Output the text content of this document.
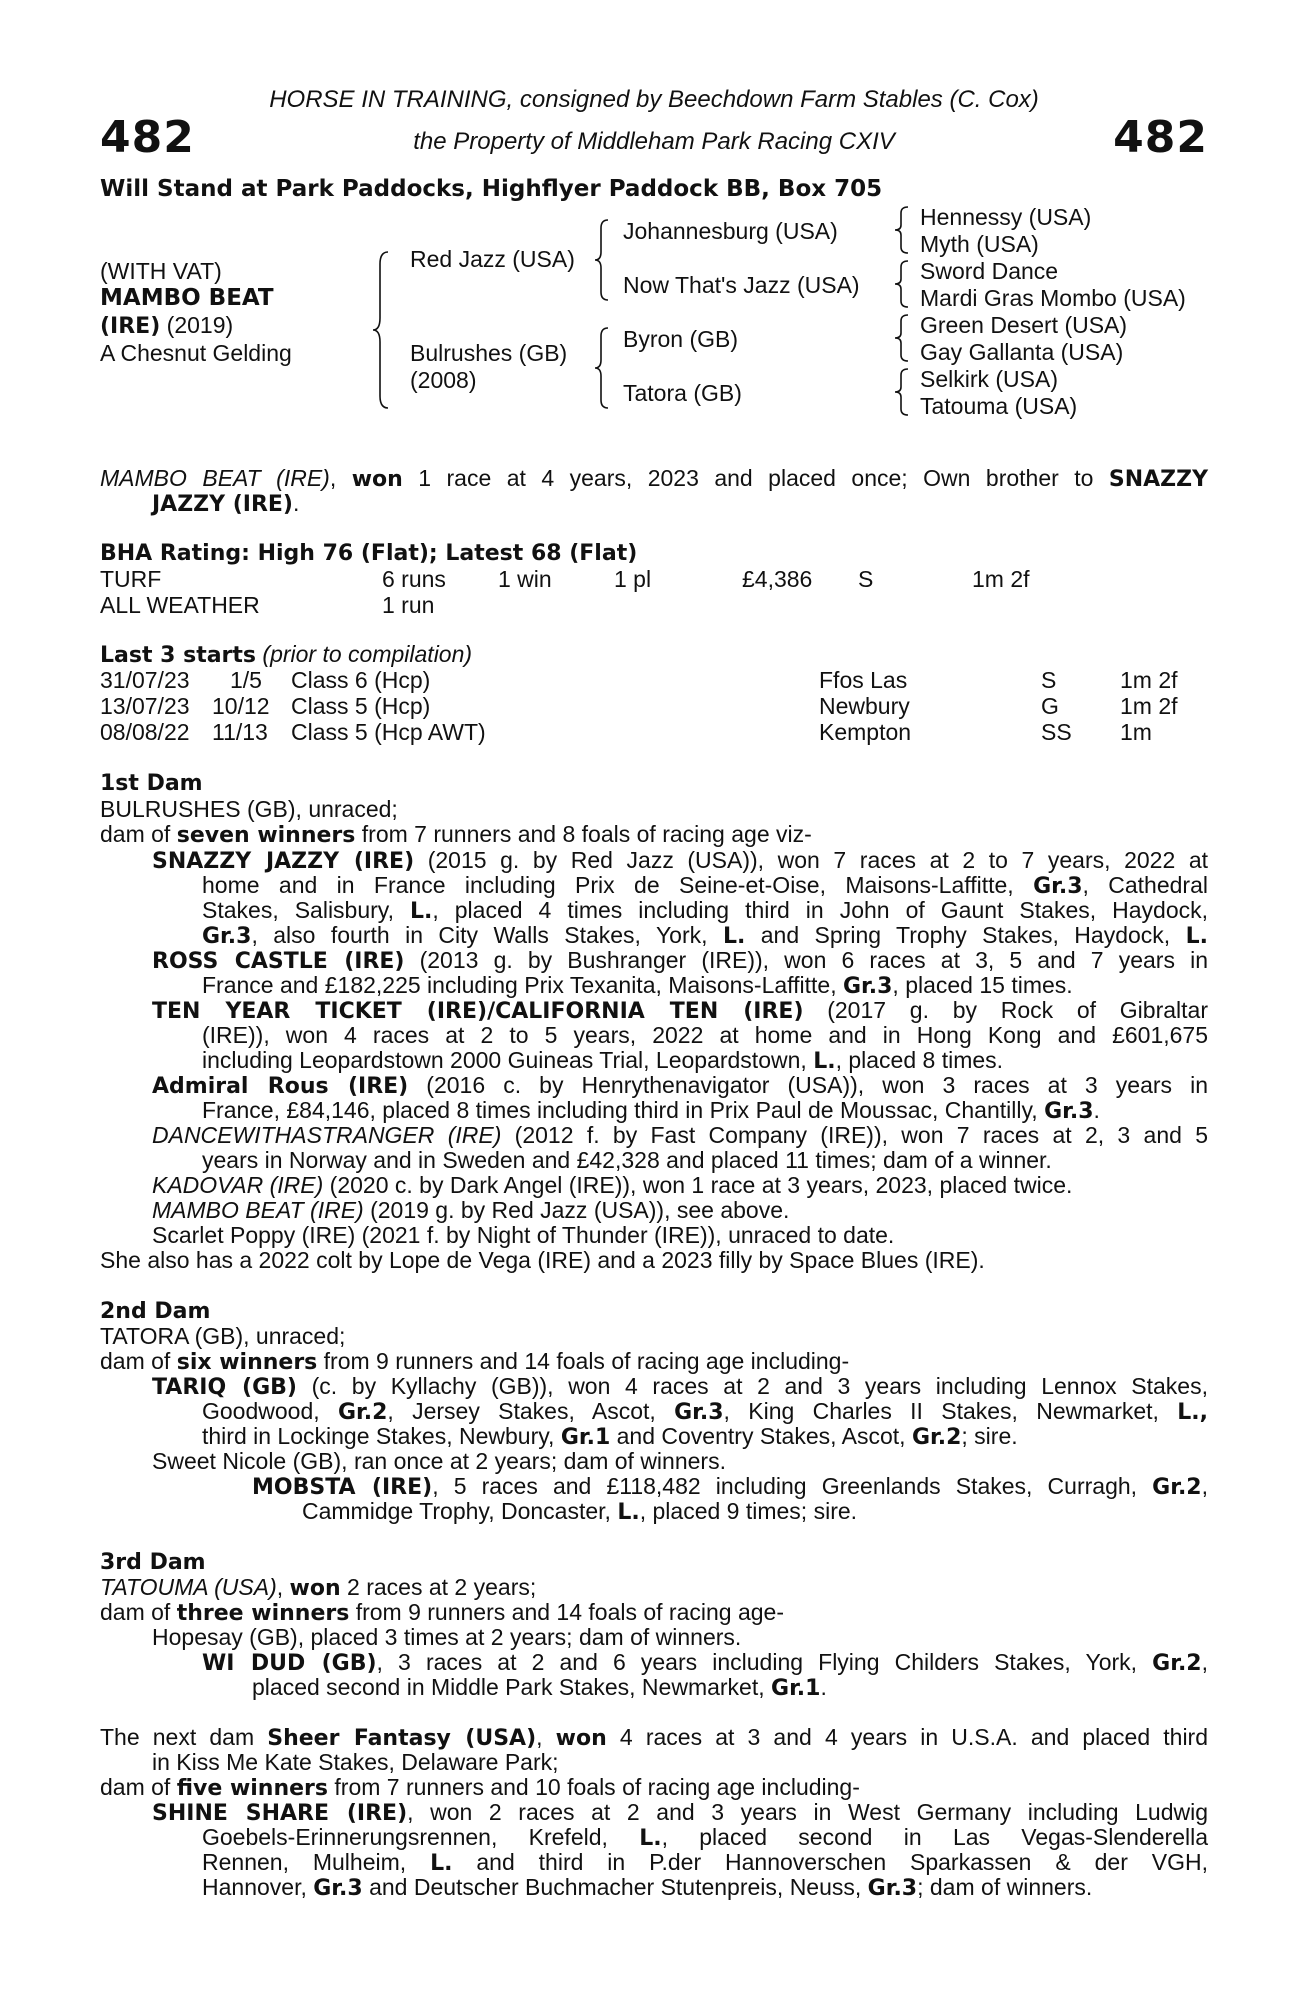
HORSE IN TRAINING, consigned by Beechdown Farm Stables (C. Cox)
482	the Property of Middleham Park Racing CXIV	482
Will Stand at Park Paddocks, Highflyer Paddock BB, Box 705
(WITH VAT)
MAMBO BEAT
(IRE) (2019)
A Chesnut Gelding
Red Jazz (USA)
Bulrushes (GB)
(2008)
Johannesburg (USA)
Now That's Jazz (USA)
Byron (GB)
Tatora (GB)
Hennessy (USA)
Myth (USA)
Sword Dance
Mardi Gras Mombo (USA)
Green Desert (USA)
Gay Gallanta (USA)
Selkirk (USA)
Tatouma (USA)
MAMBO BEAT (IRE), won 1 race at 4 years, 2023 and placed once; Own brother to SNAZZY
JAZZY (IRE).
BHA Rating: High 76 (Flat); Latest 68 (Flat)
TURF	6 runs 1 win	1 pl	£4,386 S	1m 2f
ALL WEATHER	1 run
Last 3 starts (prior to compilation)
31/07/23 1/5 Class 6 (Hcp)	Ffos Las	S	1m 2f
13/07/23 10/12 Class 5 (Hcp)	Newbury	G	1m 2f
08/08/22 11/13 Class 5 (Hcp AWT)	Kempton	SS 1m
1st Dam
BULRUSHES (GB), unraced;
dam of seven winners from 7 runners and 8 foals of racing age viz-
SNAZZY JAZZY (IRE) (2015 g. by Red Jazz (USA)), won 7 races at 2 to 7 years, 2022 at
home and in France including Prix de Seine-et-Oise, Maisons-Laffitte, Gr.3, Cathedral
Stakes, Salisbury, L., placed 4 times including third in John of Gaunt Stakes, Haydock,
Gr.3, also fourth in City Walls Stakes, York, L. and Spring Trophy Stakes, Haydock, L.
ROSS CASTLE (IRE) (2013 g. by Bushranger (IRE)), won 6 races at 3, 5 and 7 years in
France and £182,225 including Prix Texanita, Maisons-Laffitte, Gr.3, placed 15 times.
TEN YEAR TICKET (IRE)/CALIFORNIA TEN (IRE) (2017 g. by Rock of Gibraltar
(IRE)), won 4 races at 2 to 5 years, 2022 at home and in Hong Kong and £601,675
including Leopardstown 2000 Guineas Trial, Leopardstown, L., placed 8 times.
Admiral Rous (IRE) (2016 c. by Henrythenavigator (USA)), won 3 races at 3 years in
France, £84,146, placed 8 times including third in Prix Paul de Moussac, Chantilly, Gr.3.
DANCEWITHASTRANGER (IRE) (2012 f. by Fast Company (IRE)), won 7 races at 2, 3 and 5
years in Norway and in Sweden and £42,328 and placed 11 times; dam of a winner.
KADOVAR (IRE) (2020 c. by Dark Angel (IRE)), won 1 race at 3 years, 2023, placed twice.
MAMBO BEAT (IRE) (2019 g. by Red Jazz (USA)), see above.
Scarlet Poppy (IRE) (2021 f. by Night of Thunder (IRE)), unraced to date.
She also has a 2022 colt by Lope de Vega (IRE) and a 2023 filly by Space Blues (IRE).
2nd Dam
TATORA (GB), unraced;
dam of six winners from 9 runners and 14 foals of racing age including-
TARIQ (GB) (c. by Kyllachy (GB)), won 4 races at 2 and 3 years including Lennox Stakes,
Goodwood, Gr.2, Jersey Stakes, Ascot, Gr.3, King Charles II Stakes, Newmarket, L.,
third in Lockinge Stakes, Newbury, Gr.1 and Coventry Stakes, Ascot, Gr.2; sire.
Sweet Nicole (GB), ran once at 2 years; dam of winners.
MOBSTA (IRE), 5 races and £118,482 including Greenlands Stakes, Curragh, Gr.2,
Cammidge Trophy, Doncaster, L., placed 9 times; sire.
3rd Dam
TATOUMA (USA), won 2 races at 2 years;
dam of three winners from 9 runners and 14 foals of racing age-
Hopesay (GB), placed 3 times at 2 years; dam of winners.
WI DUD (GB), 3 races at 2 and 6 years including Flying Childers Stakes, York, Gr.2,
placed second in Middle Park Stakes, Newmarket, Gr.1.
The next dam Sheer Fantasy (USA), won 4 races at 3 and 4 years in U.S.A. and placed third
in Kiss Me Kate Stakes, Delaware Park;
dam of five winners from 7 runners and 10 foals of racing age including-
SHINE SHARE (IRE), won 2 races at 2 and 3 years in West Germany including Ludwig
Goebels-Erinnerungsrennen, Krefeld, L., placed second in Las Vegas-Slenderella
Rennen, Mulheim, L. and third in P.der Hannoverschen Sparkassen & der VGH,
Hannover, Gr.3 and Deutscher Buchmacher Stutenpreis, Neuss, Gr.3; dam of winners.
